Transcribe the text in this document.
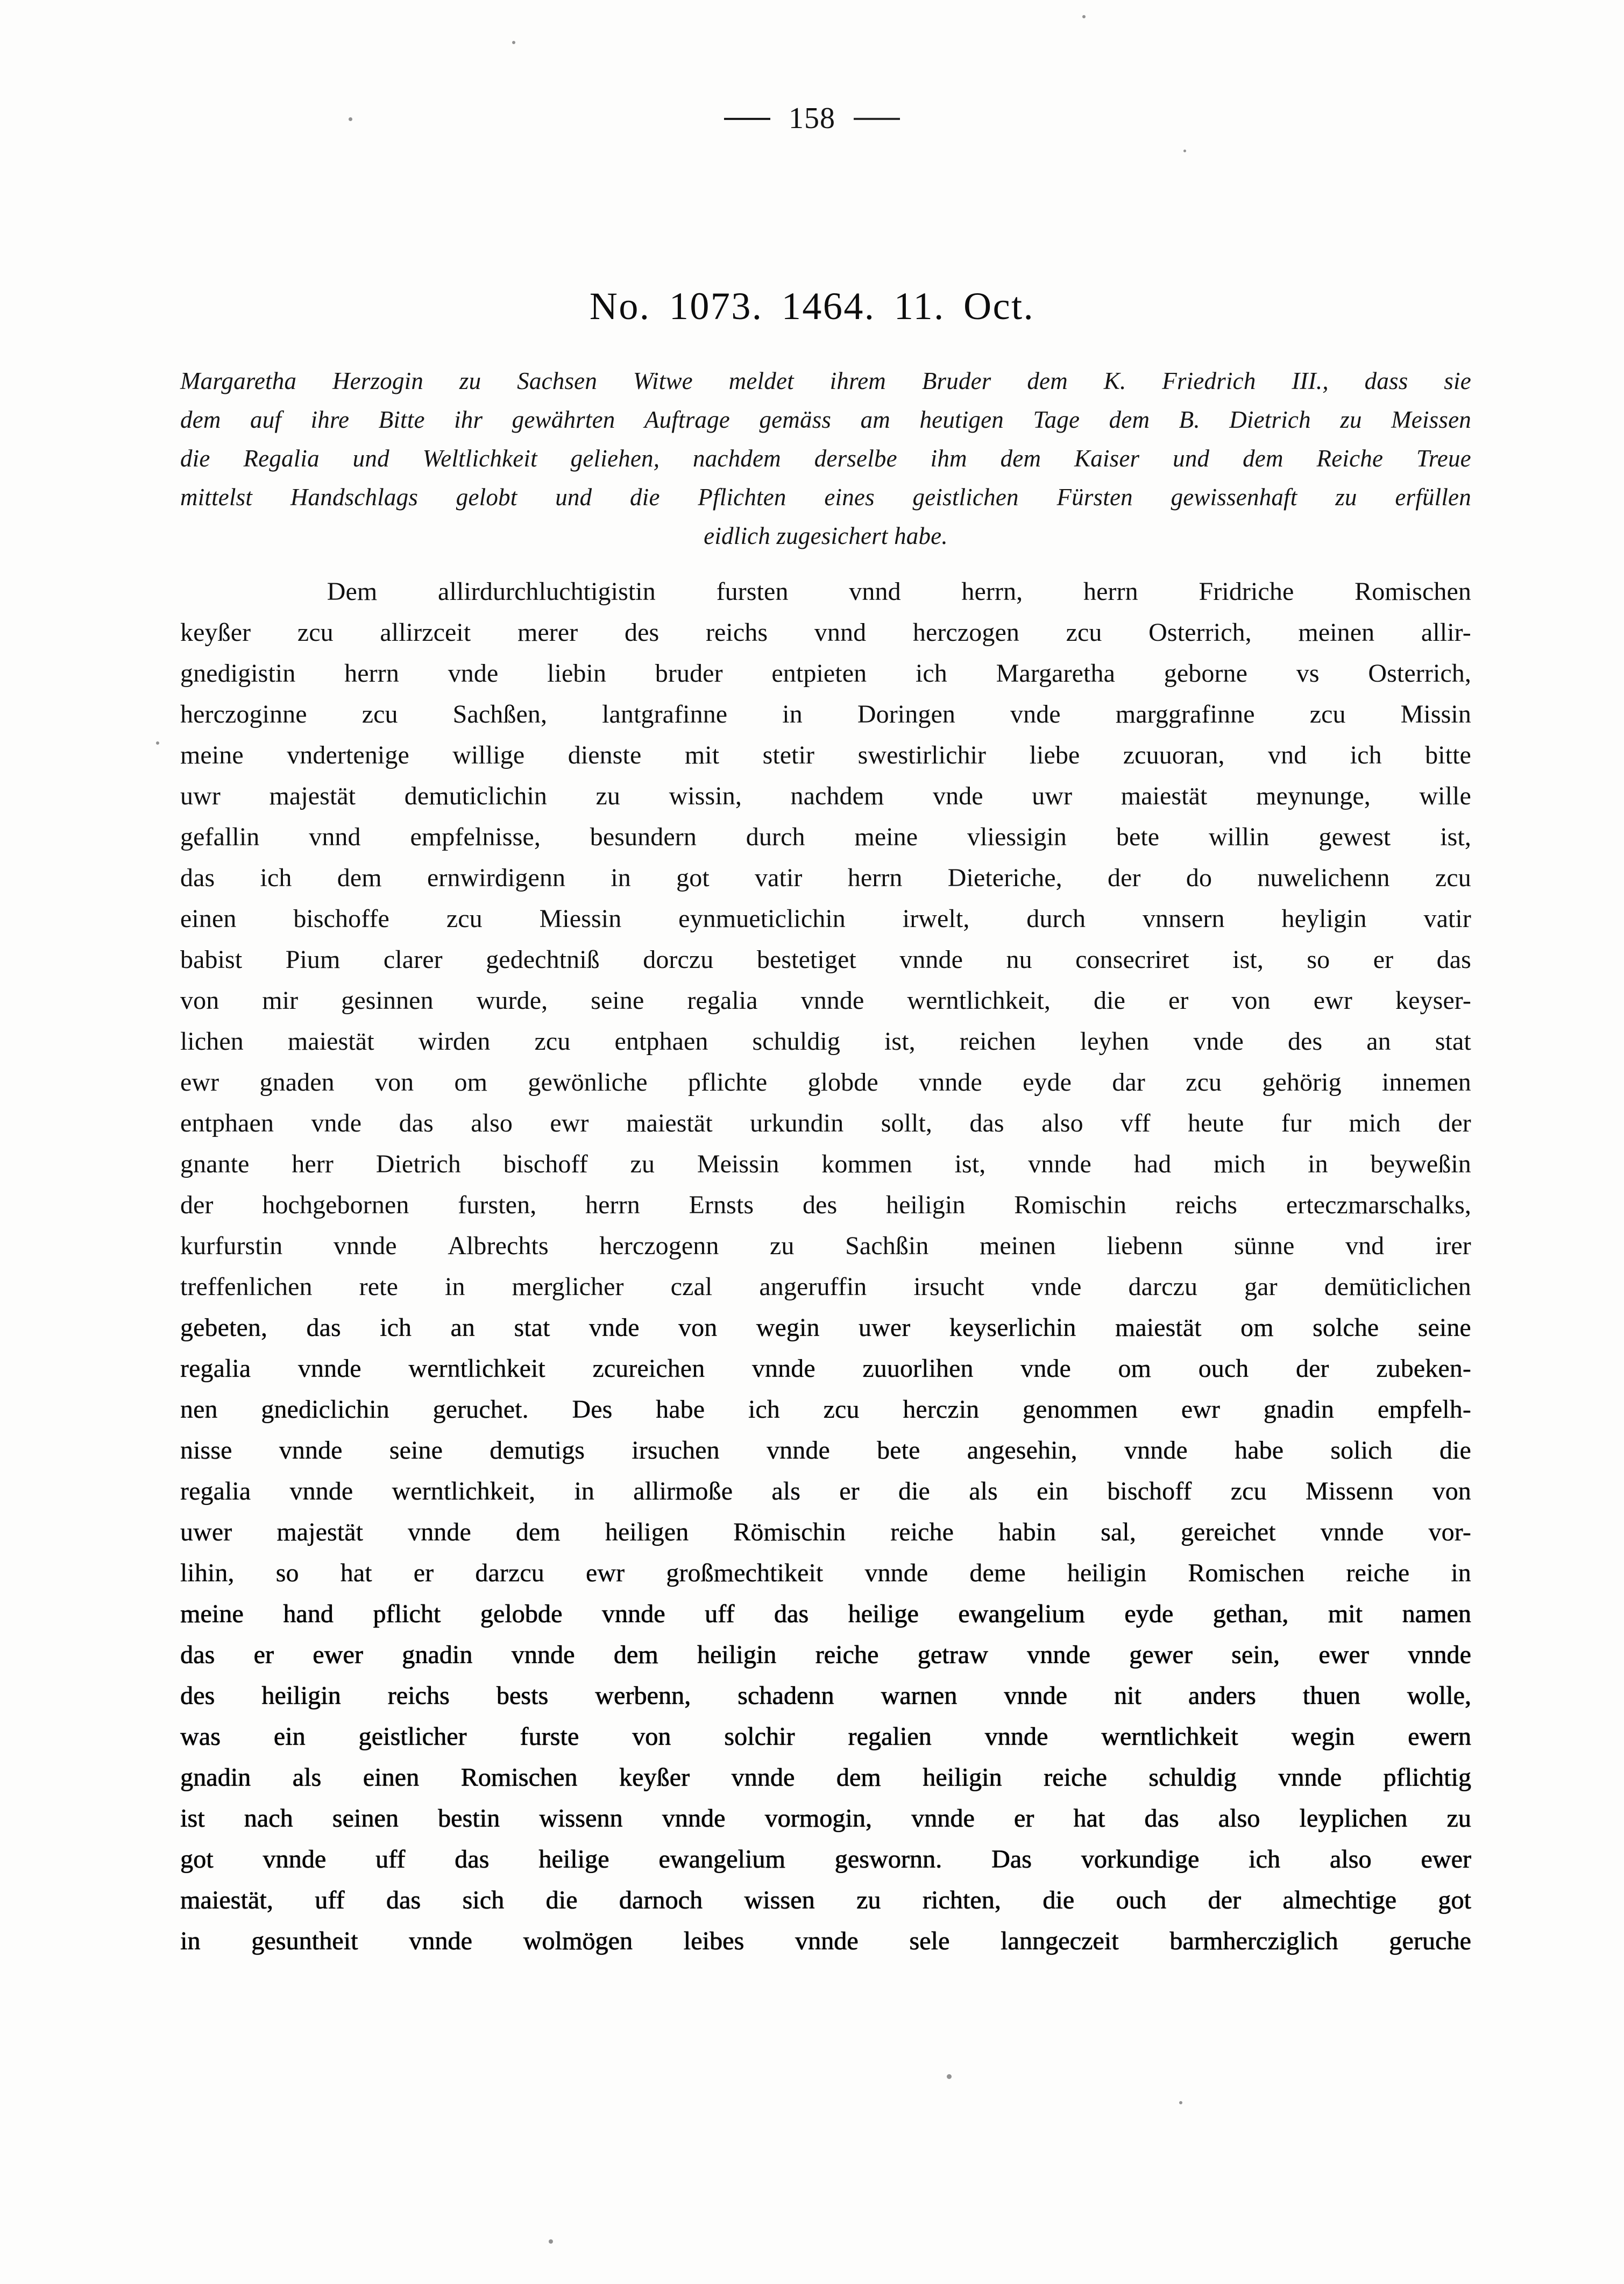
158
No. 1073. 1464. 11. Oct.
Margaretha Herzogin zu Sachsen Witwe meldet ihrem Bruder dem K. Friedrich III., dass sie
dem auf ihre Bitte ihr gewährten Auftrage gemäss am heutigen Tage dem B. Dietrich zu Meissen
die Regalia und Weltlichkeit geliehen, nachdem derselbe ihm dem Kaiser und dem Reiche Treue
mittelst Handschlags gelobt und die Pflichten eines geistlichen Fürsten gewissenhaft zu erfüllen
eidlich zugesichert habe.
Dem allirdurchluchtigistin fursten vnnd herrn, herrn Fridriche Romischen
keyßer zcu allirzceit merer des reichs vnnd herczogen zcu Osterrich, meinen allir-
gnedigistin herrn vnde liebin bruder entpieten ich Margaretha geborne vs Osterrich,
herczoginne zcu Sachßen, lantgrafinne in Doringen vnde marggrafinne zcu Missin
meine vndertenige willige dienste mit stetir swestirlichir liebe zcuuoran, vnd ich bitte
uwr majestät demuticlichin zu wissin, nachdem vnde uwr maiestät meynunge, wille
gefallin vnnd empfelnisse, besundern durch meine vliessigin bete willin gewest ist,
das ich dem ernwirdigenn in got vatir herrn Dieteriche, der do nuwelichenn zcu
einen bischoffe zcu Miessin eynmueticlichin irwelt, durch vnnsern heyligin vatir
babist Pium clarer gedechtniß dorczu bestetiget vnnde nu consecriret ist, so er das
von mir gesinnen wurde, seine regalia vnnde werntlichkeit, die er von ewr keyser-
lichen maiestät wirden zcu entphaen schuldig ist, reichen leyhen vnde des an stat
ewr gnaden von om gewönliche pflichte globde vnnde eyde dar zcu gehörig innemen
entphaen vnde das also ewr maiestät urkundin sollt, das also vff heute fur mich der
gnante herr Dietrich bischoff zu Meissin kommen ist, vnnde had mich in beyweßin
der hochgebornen fursten, herrn Ernsts des heiligin Romischin reichs erteczmarschalks,
kurfurstin vnnde Albrechts herczogenn zu Sachßin meinen liebenn sünne vnd irer
treffenlichen rete in merglicher czal angeruffin irsucht vnde darczu gar demüticlichen
gebeten, das ich an stat vnde von wegin uwer keyserlichin maiestät om solche seine
regalia vnnde werntlichkeit zcureichen vnnde zuuorlihen vnde om ouch der zubeken-
nen gnediclichin geruchet. Des habe ich zcu herczin genommen ewr gnadin empfelh-
nisse vnnde seine demutigs irsuchen vnnde bete angesehin, vnnde habe solich die
regalia vnnde werntlichkeit, in allirmoße als er die als ein bischoff zcu Missenn von
uwer majestät vnnde dem heiligen Römischin reiche habin sal, gereichet vnnde vor-
lihin, so hat er darzcu ewr großmechtikeit vnnde deme heiligin Romischen reiche in
meine hand pflicht gelobde vnnde uff das heilige ewangelium eyde gethan, mit namen
das er ewer gnadin vnnde dem heiligin reiche getraw vnnde gewer sein, ewer vnnde
des heiligin reichs bests werbenn, schadenn warnen vnnde nit anders thuen wolle,
was ein geistlicher furste von solchir regalien vnnde werntlichkeit wegin ewern
gnadin als einen Romischen keyßer vnnde dem heiligin reiche schuldig vnnde pflichtig
ist nach seinen bestin wissenn vnnde vormogin, vnnde er hat das also leyplichen zu
got vnnde uff das heilige ewangelium geswornn. Das vorkundige ich also ewer
maiestät, uff das sich die darnoch wissen zu richten, die ouch der almechtige got
in gesuntheit vnnde wolmögen leibes vnnde sele lanngeczeit barmhercziglich geruche
